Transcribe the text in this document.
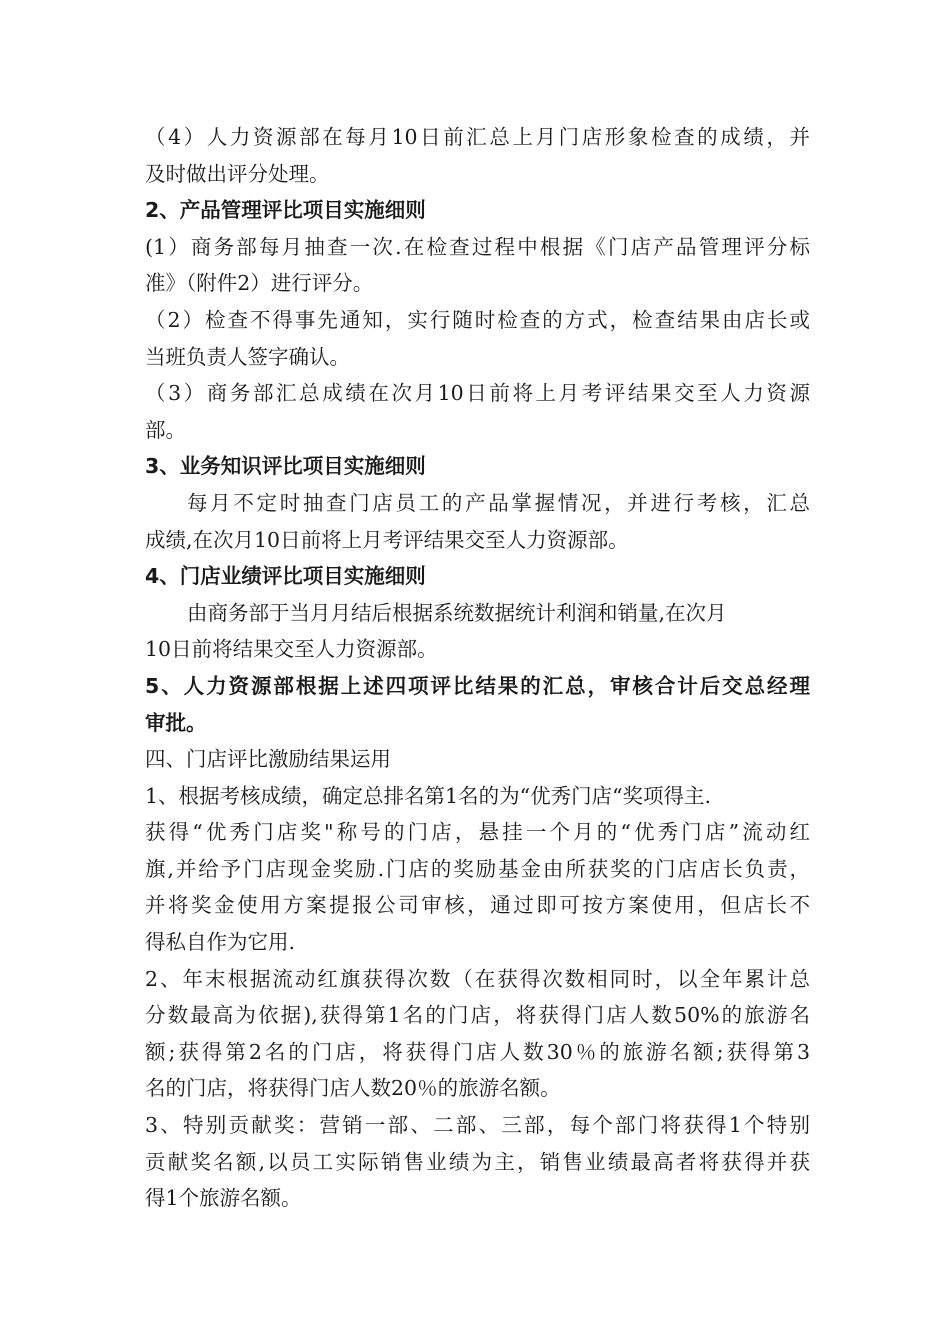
（4）人力资源部在每月10日前汇总上月门店形象检查的成绩，并
及时做出评分处理。
2、产品管理评比项目实施细则
(1）商务部每月抽查一次.在检查过程中根据《门店产品管理评分标
准》（附件2）进行评分。
（2）检查不得事先通知，实行随时检查的方式，检查结果由店长或
当班负责人签字确认。
（3）商务部汇总成绩在次月10日前将上月考评结果交至人力资源
部。
3、业务知识评比项目实施细则
每月不定时抽查门店员工的产品掌握情况，并进行考核，汇总
成绩,在次月10日前将上月考评结果交至人力资源部。
4、门店业绩评比项目实施细则
由商务部于当月月结后根据系统数据统计利润和销量,在次月
10日前将结果交至人力资源部。
5、人力资源部根据上述四项评比结果的汇总，审核合计后交总经理
审批。
四、门店评比激励结果运用
1、根据考核成绩，确定总排名第1名的为“优秀门店“奖项得主.
获得“优秀门店奖"称号的门店，悬挂一个月的“优秀门店”流动红
旗,并给予门店现金奖励.门店的奖励基金由所获奖的门店店长负责，
并将奖金使用方案提报公司审核，通过即可按方案使用，但店长不
得私自作为它用.
2、年末根据流动红旗获得次数（在获得次数相同时，以全年累计总
分数最高为依据),获得第1名的门店，将获得门店人数50%的旅游名
额;获得第2名的门店，将获得门店人数30％的旅游名额;获得第3
名的门店，将获得门店人数20％的旅游名额。
3、特别贡献奖：营销一部、二部、三部，每个部门将获得1个特别
贡献奖名额,以员工实际销售业绩为主，销售业绩最高者将获得并获
得1个旅游名额。
